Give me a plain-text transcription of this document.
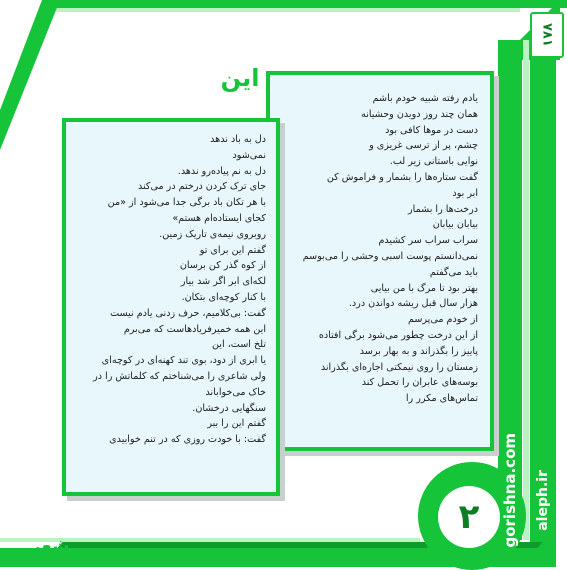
۷۸۱
۲ gorishna.com aleph.ir
این
شعر
یادم رفته شبیه خودم باشم
همان چند روز دویدن وحشیانه
دست در موها کافی بود
چشم، پر از ترسی غریزی و
نوایی باستانی زیر لب.
گفت ستاره‌ها را بشمار و فراموش کن
ابر بود
درخت‌ها را بشمار
بیابان بیابان
سراب سراب سر کشیدم
نمی‌دانستم پوست اسبی وحشی را می‌بوسم
باید می‌گفتم
بهتر بود تا مرگ با من بیایی
هزار سال قبل ریشه دواندن درد.
از خودم می‌پرسم
از این درخت چطور می‌شود برگی افتاده
پاییز را بگذراند و به بهار برسد
زمستان را روی نیمکتی اجاره‌ای بگذراند
بوسه‌های عابران را تحمل کند
تماس‌های مکرر را
دل به باد ندهد
نمی‌شود
دل به نم پیاده‌رو ندهد.
جای ترک کردن درختم در می‌کند
با هر تکان باد برگی جدا می‌شود از «من
کجای ایستاده‌ام هستم»
روبروی نیمه‌ی تاریک زمین.
گفتم این برای تو
از کوه گذر کن برسان
لکه‌ای ابر اگر شد بیار
با کنار کوچه‌ای بتکان.
گفت: بی‌کلامیم، حرف زدنی یادم نیست
این همه خمیرفریادهاست که می‌برم
تلخ است، این
یا ابری از دود، بوی تند کهنه‌ای در کوچه‌ای
ولی شاعری را می‌شناختم که کلماتش را در
خاک می‌خواباند
سنگهایی درخشان.
گفتم این را ببر
گفت: با خودت روزی که در تنم خوابیدی
